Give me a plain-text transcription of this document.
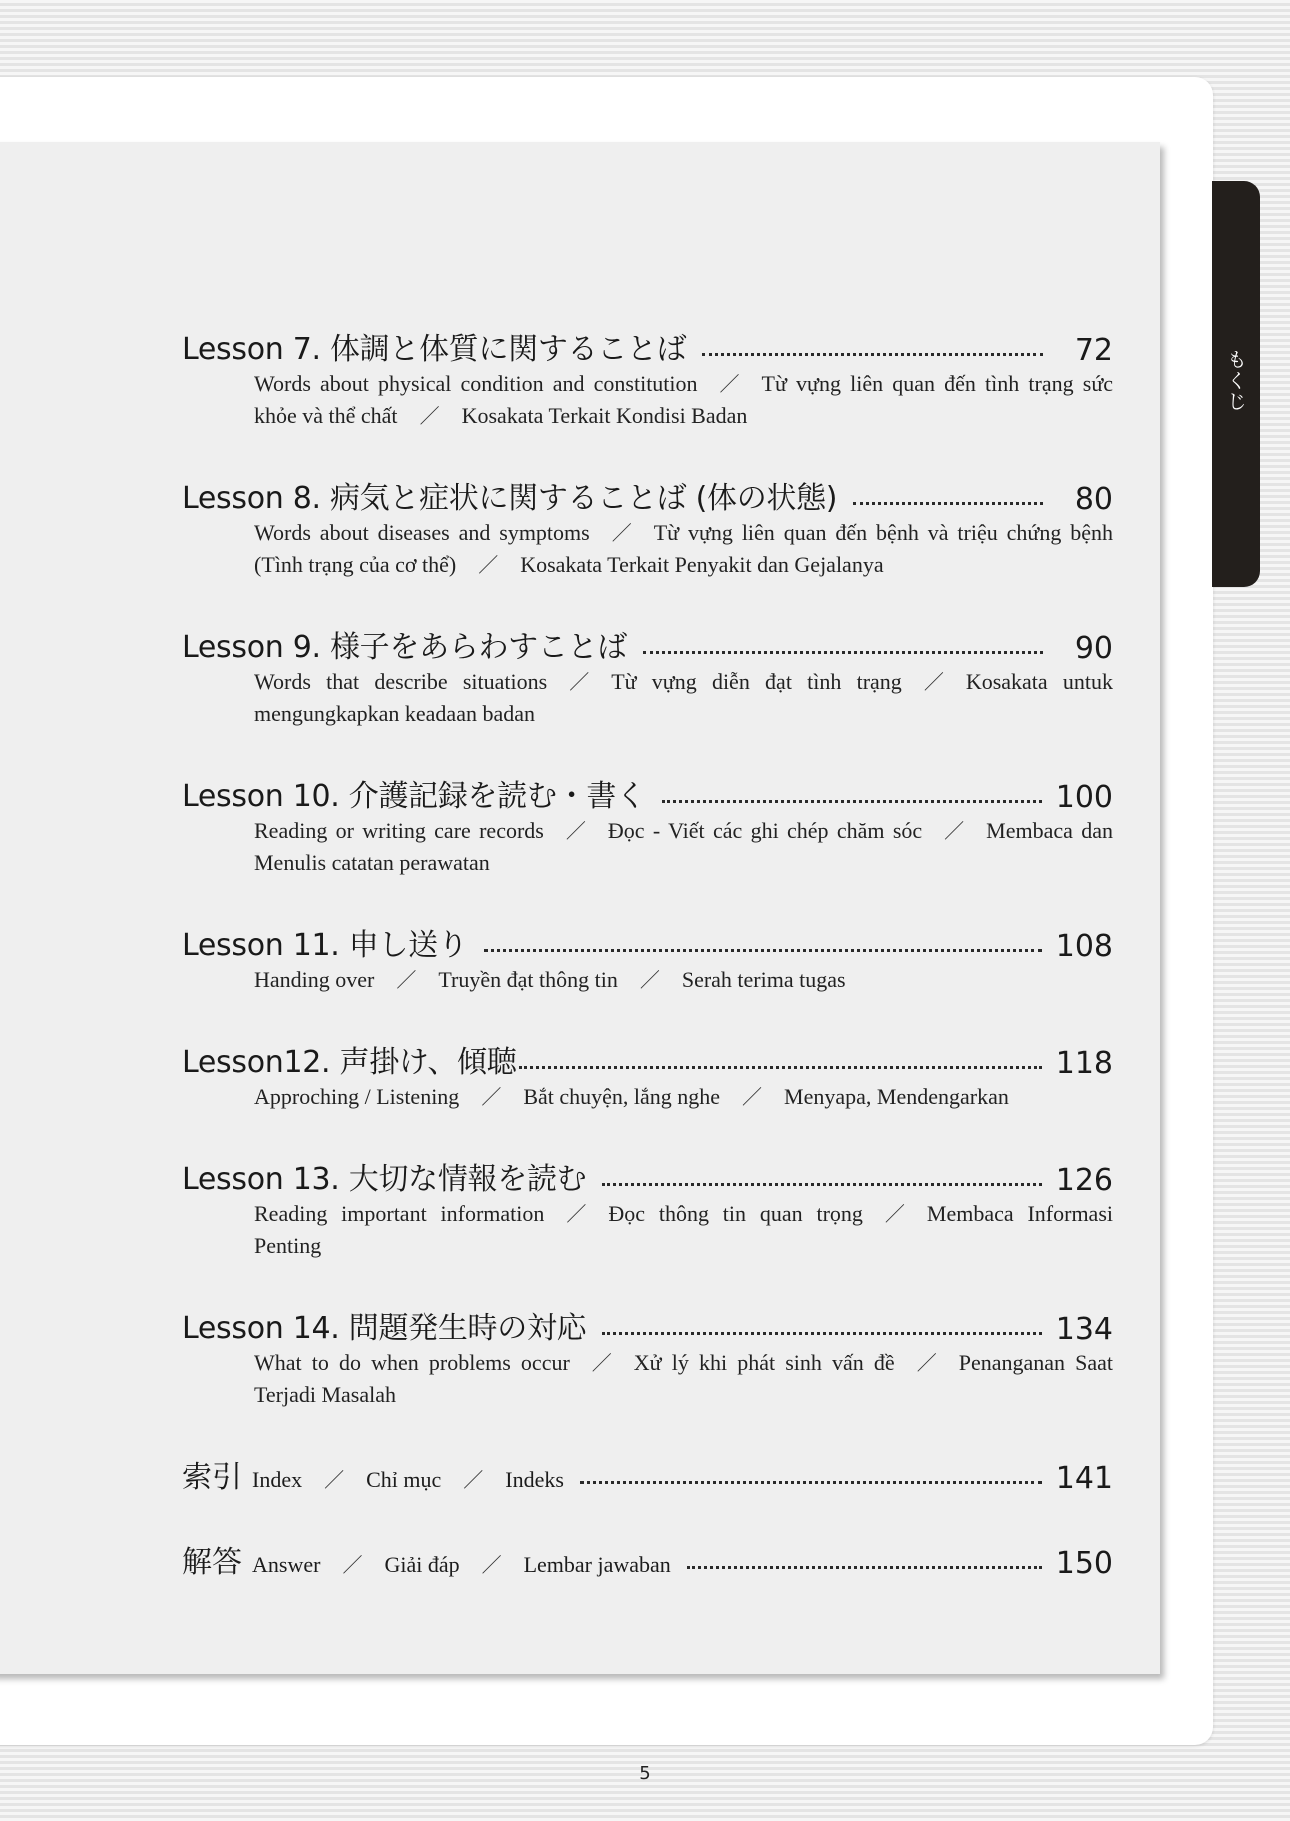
もくじ
Lesson 7. 体調と体質に関することば	72
Words about physical condition and constitution ／ Từ vựng liên quan đến tình trạng sức khỏe và thể chất ／ Kosakata Terkait Kondisi Badan
Lesson 8. 病気と症状に関することば (体の状態)	80
Words about diseases and symptoms ／ Từ vựng liên quan đến bệnh và triệu chứng bệnh (Tình trạng của cơ thể) ／ Kosakata Terkait Penyakit dan Gejalanya
Lesson 9. 様子をあらわすことば	90
Words that describe situations ／ Từ vựng diễn đạt tình trạng ／ Kosakata untuk mengungkapkan keadaan badan
Lesson 10. 介護記録を読む・書く	100
Reading or writing care records ／ Đọc - Viết các ghi chép chăm sóc ／ Membaca dan Menulis catatan perawatan
Lesson 11. 申し送り	108
Handing over ／ Truyền đạt thông tin ／ Serah terima tugas
Lesson12. 声掛け、傾聴	118
Approching / Listening ／ Bắt chuyện, lắng nghe ／ Menyapa, Mendengarkan
Lesson 13. 大切な情報を読む	126
Reading important information ／ Đọc thông tin quan trọng ／ Membaca Informasi Penting
Lesson 14. 問題発生時の対応	134
What to do when problems occur ／ Xử lý khi phát sinh vấn đề ／ Penanganan Saat Terjadi Masalah
索引 Index ／ Chỉ mục ／ Indeks	141
解答 Answer ／ Giải đáp ／ Lembar jawaban	150
5
